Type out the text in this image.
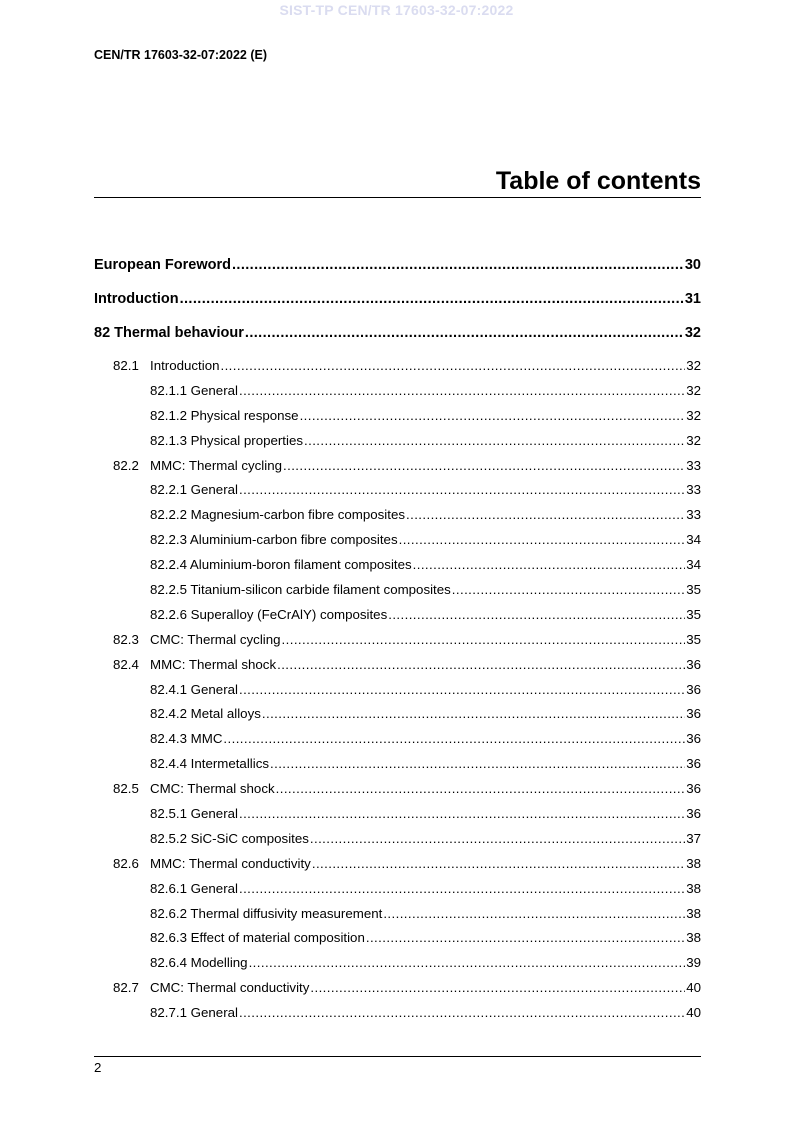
SIST-TP CEN/TR 17603-32-07:2022
CEN/TR 17603-32-07:2022 (E)
Table of contents
European Foreword .....	30
Introduction .....	31
82 Thermal behaviour .....	32
82.1 Introduction .....	32
82.1.1 General .....	32
82.1.2 Physical response .....	32
82.1.3 Physical properties .....	32
82.2 MMC: Thermal cycling .....	33
82.2.1 General .....	33
82.2.2 Magnesium-carbon fibre composites .....	33
82.2.3 Aluminium-carbon fibre composites .....	34
82.2.4 Aluminium-boron filament composites .....	34
82.2.5 Titanium-silicon carbide filament composites .....	35
82.2.6 Superalloy (FeCrAlY) composites .....	35
82.3 CMC: Thermal cycling .....	35
82.4 MMC: Thermal shock .....	36
82.4.1 General .....	36
82.4.2 Metal alloys .....	36
82.4.3 MMC .....	36
82.4.4 Intermetallics .....	36
82.5 CMC: Thermal shock .....	36
82.5.1 General .....	36
82.5.2 SiC-SiC composites .....	37
82.6 MMC: Thermal conductivity .....	38
82.6.1 General .....	38
82.6.2 Thermal diffusivity measurement .....	38
82.6.3 Effect of material composition .....	38
82.6.4 Modelling .....	39
82.7 CMC: Thermal conductivity .....	40
82.7.1 General .....	40
2
